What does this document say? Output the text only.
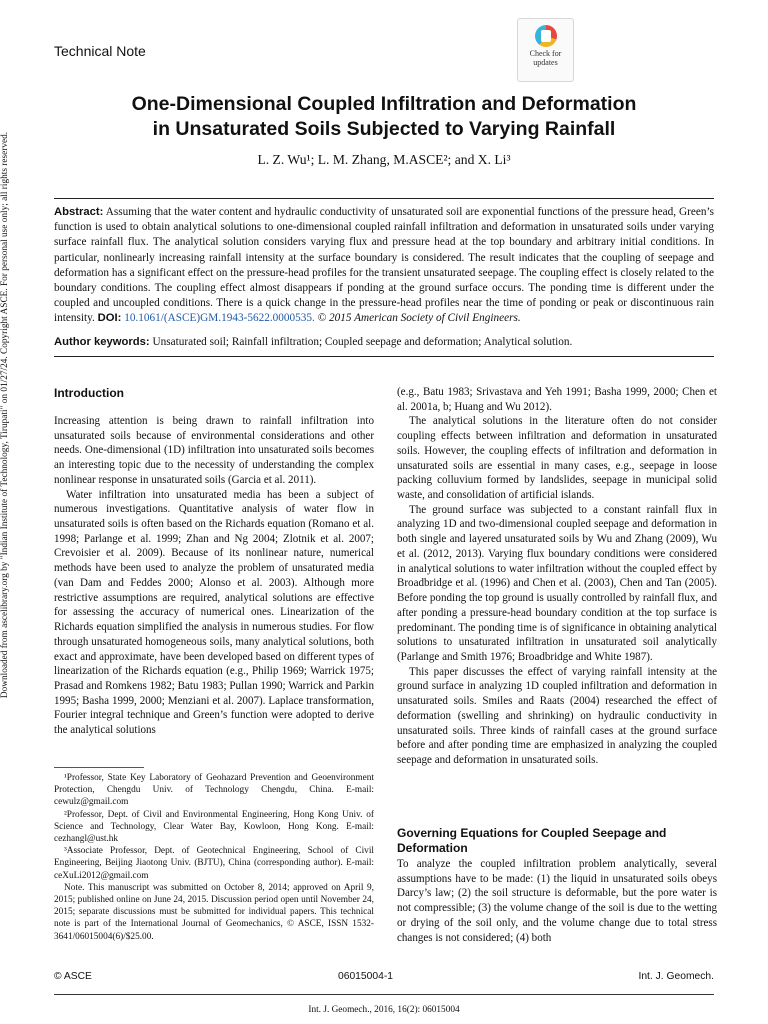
Downloaded from ascelibrary.org by "Indian Institute of Technology, Tirupati" on 01/27/24. Copyright ASCE. For personal use only; all rights reserved.
Technical Note	Check for
updates
One-Dimensional Coupled Infiltration and Deformation
in Unsaturated Soils Subjected to Varying Rainfall
L. Z. Wu¹; L. M. Zhang, M.ASCE²; and X. Li³
Abstract: Assuming that the water content and hydraulic conductivity of unsaturated soil are exponential functions of the pressure head, Green’s function is used to obtain analytical solutions to one-dimensional coupled rainfall infiltration and deformation in unsaturated soils under varying surface rainfall flux. The analytical solution considers varying flux and pressure head at the top boundary and arbitrary initial conditions. In particular, nonlinearly increasing rainfall intensity at the surface boundary is considered. The result indicates that the coupling of seepage and deformation has a significant effect on the pressure-head profiles for the transient unsaturated seepage. The coupling effect is closely related to the boundary conditions. The coupling effect almost disappears if ponding at the ground surface occurs. The ponding time is different under the coupled and uncoupled conditions. There is a quick change in the pressure-head profiles near the time of ponding or peak or discontinuous rain intensity. DOI: 10.1061/(ASCE)GM.1943-5622.0000535. © 2015 American Society of Civil Engineers.
Author keywords: Unsaturated soil; Rainfall infiltration; Coupled seepage and deformation; Analytical solution.
Introduction

Increasing attention is being drawn to rainfall infiltration into unsaturated soils because of environmental considerations and other needs. One-dimensional (1D) infiltration into unsaturated soils becomes an interesting topic due to the necessity of understanding the complex nonlinear response in unsaturated soils (Garcia et al. 2011).

Water infiltration into unsaturated media has been a subject of numerous investigations. Quantitative analysis of water flow in unsaturated soils is often based on the Richards equation (Romano et al. 1998; Parlange et al. 1999; Zhan and Ng 2004; Zlotnik et al. 2007; Crevoisier et al. 2009). Because of its nonlinear nature, numerical methods have been used to analyze the problem of unsaturated media (van Dam and Feddes 2000; Alonso et al. 2003). Although more restrictive assumptions are required, analytical solutions are effective for assessing the accuracy of numerical ones. Linearization of the Richards equation simplified the analysis in numerous studies. For flow through unsaturated homogeneous soils, many analytical solutions, both exact and approximate, have been developed based on different types of linearization of the Richards equation (e.g., Philip 1969; Warrick 1975; Prasad and Romkens 1982; Batu 1983; Pullan 1990; Warrick and Parkin 1995; Basha 1999, 2000; Menziani et al. 2007). Laplace transformation, Fourier integral technique and Green’s function were adopted to derive the analytical solutions

¹Professor, State Key Laboratory of Geohazard Prevention and Geoenvironment Protection, Chengdu Univ. of Technology Chengdu, China. E-mail: cewulz@gmail.com

²Professor, Dept. of Civil and Environmental Engineering, Hong Kong Univ. of Science and Technology, Clear Water Bay, Kowloon, Hong Kong. E-mail: cezhangl@ust.hk

³Associate Professor, Dept. of Geotechnical Engineering, School of Civil Engineering, Beijing Jiaotong Univ. (BJTU), China (corresponding author). E-mail: ceXuLi2012@gmail.com

Note. This manuscript was submitted on October 8, 2014; approved on April 9, 2015; published online on June 24, 2015. Discussion period open until November 24, 2015; separate discussions must be submitted for individual papers. This technical note is part of the International Journal of Geomechanics, © ASCE, ISSN 1532-3641/06015004(6)/$25.00.

(e.g., Batu 1983; Srivastava and Yeh 1991; Basha 1999, 2000; Chen et al. 2001a, b; Huang and Wu 2012).

The analytical solutions in the literature often do not consider coupling effects between infiltration and deformation in unsaturated soils. However, the coupling effects of infiltration and deformation in unsaturated soils are essential in many cases, e.g., seepage in loose packing colluvium formed by landslides, seepage in municipal solid waste, and consolidation of artificial islands.

The ground surface was subjected to a constant rainfall flux in analyzing 1D and two-dimensional coupled seepage and deformation in both single and layered unsaturated soils by Wu and Zhang (2009), Wu et al. (2012, 2013). Varying flux boundary conditions were considered in analytical solutions to water infiltration without the coupled effect by Broadbridge et al. (1996) and Chen et al. (2003), Chen and Tan (2005). Before ponding the top ground is usually controlled by rainfall flux, and after ponding a pressure-head boundary condition at the top surface is predominant. The ponding time is of significance in obtaining analytical solutions to unsaturated infiltration in unsaturated soil analytically (Parlange and Smith 1976; Broadbridge and White 1987).

This paper discusses the effect of varying rainfall intensity at the ground surface in analyzing 1D coupled infiltration and deformation in unsaturated soils. Smiles and Raats (2004) researched the effect of deformation (swelling and shrinking) on hydraulic conductivity in unsaturated soils. Three kinds of rainfall cases at the ground surface before and after ponding time are emphasized in analyzing the coupled seepage and deformation in unsaturated soils.

Governing Equations for Coupled Seepage and Deformation

To analyze the coupled infiltration problem analytically, several assumptions have to be made: (1) the liquid in unsaturated soils obeys Darcy’s law; (2) the soil structure is deformable, but the pore water is not compressible; (3) the volume change of the soil is due to the wetting or drying of the soil only, and the volume change due to total stress changes is not considered; (4) both

© ASCE	06015004-1	Int. J. Geomech.
Int. J. Geomech., 2016, 16(2): 06015004
